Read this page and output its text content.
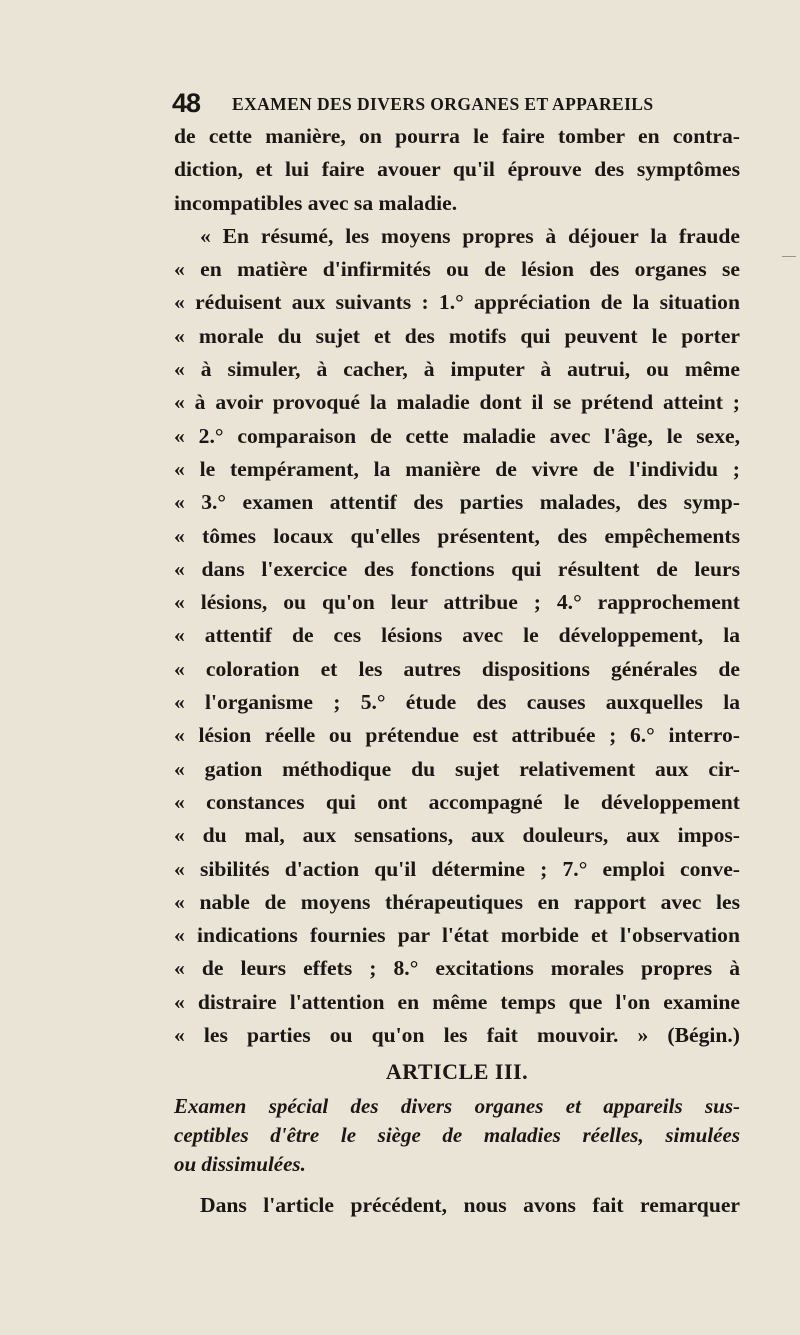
48 EXAMEN DES DIVERS ORGANES ET APPAREILS
de cette manière, on pourra le faire tomber en contra-
diction, et lui faire avouer qu'il éprouve des symptômes
incompatibles avec sa maladie.
« En résumé, les moyens propres à déjouer la fraude
« en matière d'infirmités ou de lésion des organes se
« réduisent aux suivants : 1.° appréciation de la situation
« morale du sujet et des motifs qui peuvent le porter
« à simuler, à cacher, à imputer à autrui, ou même
« à avoir provoqué la maladie dont il se prétend atteint ;
« 2.° comparaison de cette maladie avec l'âge, le sexe,
« le tempérament, la manière de vivre de l'individu ;
« 3.° examen attentif des parties malades, des symp-
« tômes locaux qu'elles présentent, des empêchements
« dans l'exercice des fonctions qui résultent de leurs
« lésions, ou qu'on leur attribue ; 4.° rapprochement
« attentif de ces lésions avec le développement, la
« coloration et les autres dispositions générales de
« l'organisme ; 5.° étude des causes auxquelles la
« lésion réelle ou prétendue est attribuée ; 6.° interro-
« gation méthodique du sujet relativement aux cir-
« constances qui ont accompagné le développement
« du mal, aux sensations, aux douleurs, aux impos-
« sibilités d'action qu'il détermine ; 7.° emploi conve-
« nable de moyens thérapeutiques en rapport avec les
« indications fournies par l'état morbide et l'observation
« de leurs effets ; 8.° excitations morales propres à
« distraire l'attention en même temps que l'on examine
« les parties ou qu'on les fait mouvoir. » (Bégin.)
ARTICLE III.
Examen spécial des divers organes et appareils sus-
ceptibles d'être le siège de maladies réelles, simulées
ou dissimulées.
Dans l'article précédent, nous avons fait remarquer
